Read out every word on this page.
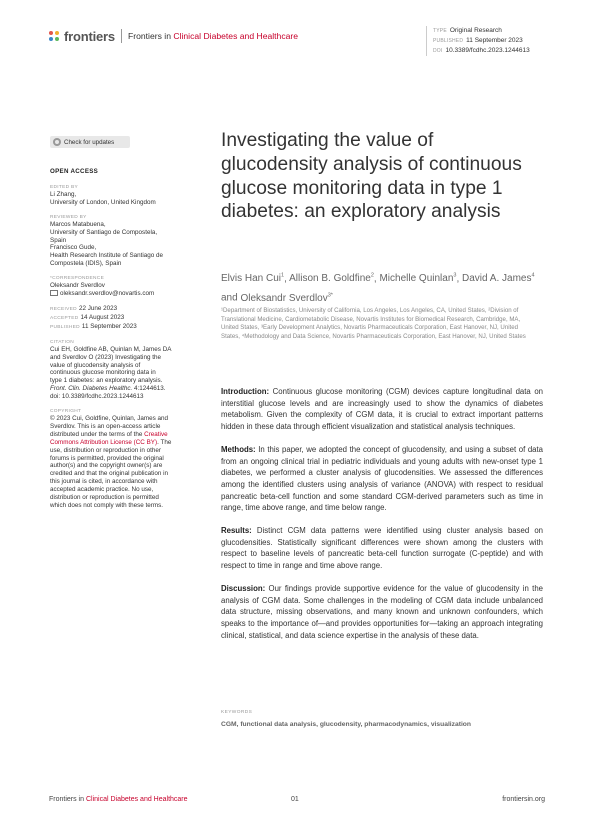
frontiers Frontiers in Clinical Diabetes and Healthcare	TYPE Original Research
PUBLISHED 11 September 2023
DOI 10.3389/fcdhc.2023.1244613
Check for updates
OPEN ACCESS
EDITED BY
Li Zhang,
University of London, United Kingdom
REVIEWED BY
Marcos Matabuena,
University of Santiago de Compostela,
Spain
Francisco Gude,
Health Research Institute of Santiago de
Compostela (IDIS), Spain
*CORRESPONDENCE
Oleksandr Sverdlov
oleksandr.sverdlov@novartis.com
RECEIVED 22 June 2023
ACCEPTED 14 August 2023
PUBLISHED 11 September 2023
CITATION
Cui EH, Goldfine AB, Quinlan M, James DA
and Sverdlov O (2023) Investigating the
value of glucodensity analysis of
continuous glucose monitoring data in
type 1 diabetes: an exploratory analysis.
Front. Clin. Diabetes Healthc. 4:1244613.
doi: 10.3389/fcdhc.2023.1244613
COPYRIGHT
© 2023 Cui, Goldfine, Quinlan, James and
Sverdlov. This is an open-access article
distributed under the terms of the Creative
Commons Attribution License (CC BY). The
use, distribution or reproduction in other
forums is permitted, provided the original
author(s) and the copyright owner(s) are
credited and that the original publication in
this journal is cited, in accordance with
accepted academic practice. No use,
distribution or reproduction is permitted
which does not comply with these terms.
Investigating the value of glucodensity analysis of continuous glucose monitoring data in type 1 diabetes: an exploratory analysis
Elvis Han Cui$^1$, Allison B. Goldfine$^2$, Michelle Quinlan$^3$, David A. James$^4$ and Oleksandr Sverdlov$^{3*}$
¹Department of Biostatistics, University of California, Los Angeles, Los Angeles, CA, United States, ²Division of Translational Medicine, Cardiometabolic Disease, Novartis Institutes for Biomedical Research, Cambridge, MA, United States, ³Early Development Analytics, Novartis Pharmaceuticals Corporation, East Hanover, NJ, United States, ⁴Methodology and Data Science, Novartis Pharmaceuticals Corporation, East Hanover, NJ, United States

Introduction: Continuous glucose monitoring (CGM) devices capture longitudinal data on interstitial glucose levels and are increasingly used to show the dynamics of diabetes metabolism. Given the complexity of CGM data, it is crucial to extract important patterns hidden in these data through efficient visualization and statistical analysis techniques.

Methods: In this paper, we adopted the concept of glucodensity, and using a subset of data from an ongoing clinical trial in pediatric individuals and young adults with new-onset type 1 diabetes, we performed a cluster analysis of glucodensities. We assessed the differences among the identified clusters using analysis of variance (ANOVA) with respect to residual pancreatic beta-cell function and some standard CGM-derived parameters such as time in range, time above range, and time below range.

Results: Distinct CGM data patterns were identified using cluster analysis based on glucodensities. Statistically significant differences were shown among the clusters with respect to baseline levels of pancreatic beta-cell function surrogate (C-peptide) and with respect to time in range and time above range.

Discussion: Our findings provide supportive evidence for the value of glucodensity in the analysis of CGM data. Some challenges in the modeling of CGM data include unbalanced data structure, missing observations, and many known and unknown confounders, which speaks to the importance of—and provides opportunities for—taking an approach integrating clinical, statistical, and data science expertise in the analysis of these data.

KEYWORDS
CGM, functional data analysis, glucodensity, pharmacodynamics, visualization
Frontiers in Clinical Diabetes and Healthcare	01	frontiersin.org
